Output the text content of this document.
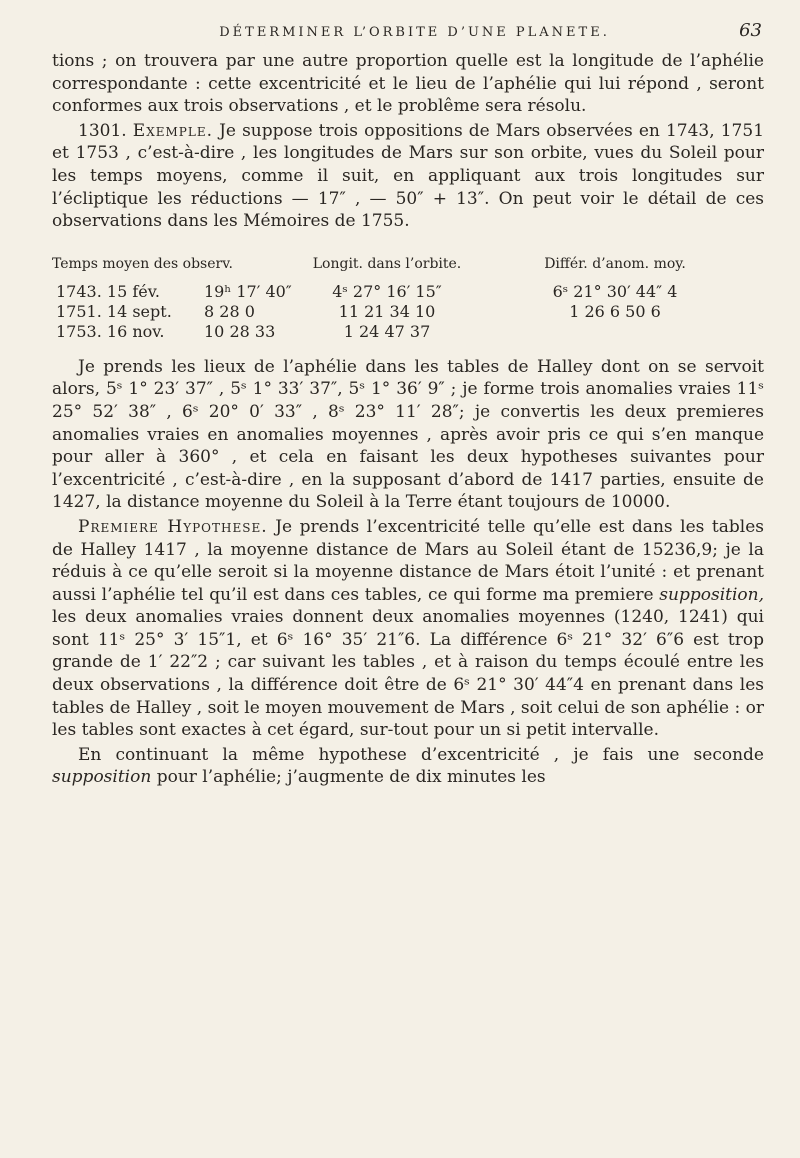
DÉTERMINER L’ORBITE D’UNE PLANETE.	63

tions ; on trouvera par une autre proportion quelle est la longitude de l’aphélie correspondante : cette excentricité et le lieu de l’aphélie qui lui répond , seront conformes aux trois observations , et le problême sera résolu.

1301. Exemple. Je suppose trois oppositions de Mars observées en 1743, 1751 et 1753 , c’est-à-dire , les longitudes de Mars sur son orbite, vues du Soleil pour les temps moyens, comme il suit, en appliquant aux trois longitudes sur l’écliptique les réductions — 17″ , — 50″ + 13″. On peut voir le détail de ces observations dans les Mémoires de 1755.

Temps moyen des observ.		Longit. dans l’orbite.	Différ. d’anom. moy.
1743. 15 fév.	19ʰ 17′ 40″	4ˢ 27° 16′ 15″	6ˢ 21° 30′ 44″ 4
1751. 14 sept.	8 28 0	11 21 34 10	1 26 6 50 6
1753. 16 nov.	10 28 33	1 24 47 37	

Je prends les lieux de l’aphélie dans les tables de Halley dont on se servoit alors, 5ˢ 1° 23′ 37″ , 5ˢ 1° 33′ 37″, 5ˢ 1° 36′ 9″ ; je forme trois anomalies vraies 11ˢ 25° 52′ 38″ , 6ˢ 20° 0′ 33″ , 8ˢ 23° 11′ 28″; je convertis les deux premieres anomalies vraies en anomalies moyennes , après avoir pris ce qui s’en manque pour aller à 360° , et cela en faisant les deux hypotheses suivantes pour l’excentricité , c’est-à-dire , en la supposant d’abord de 1417 parties, ensuite de 1427, la distance moyenne du Soleil à la Terre étant toujours de 10000.

Premiere Hypothese. Je prends l’excentricité telle qu’elle est dans les tables de Halley 1417 , la moyenne distance de Mars au Soleil étant de 15236,9; je la réduis à ce qu’elle seroit si la moyenne distance de Mars étoit l’unité : et prenant aussi l’aphélie tel qu’il est dans ces tables, ce qui forme ma premiere supposition, les deux anomalies vraies donnent deux anomalies moyennes (1240, 1241) qui sont 11ˢ 25° 3′ 15″1, et 6ˢ 16° 35′ 21″6. La différence 6ˢ 21° 32′ 6″6 est trop grande de 1′ 22″2 ; car suivant les tables , et à raison du temps écoulé entre les deux observations , la différence doit être de 6ˢ 21° 30′ 44″4 en prenant dans les tables de Halley , soit le moyen mouvement de Mars , soit celui de son aphélie : or les tables sont exactes à cet égard, sur-tout pour un si petit intervalle.

En continuant la même hypothese d’excentricité , je fais une seconde supposition pour l’aphélie; j’augmente de dix minutes les
